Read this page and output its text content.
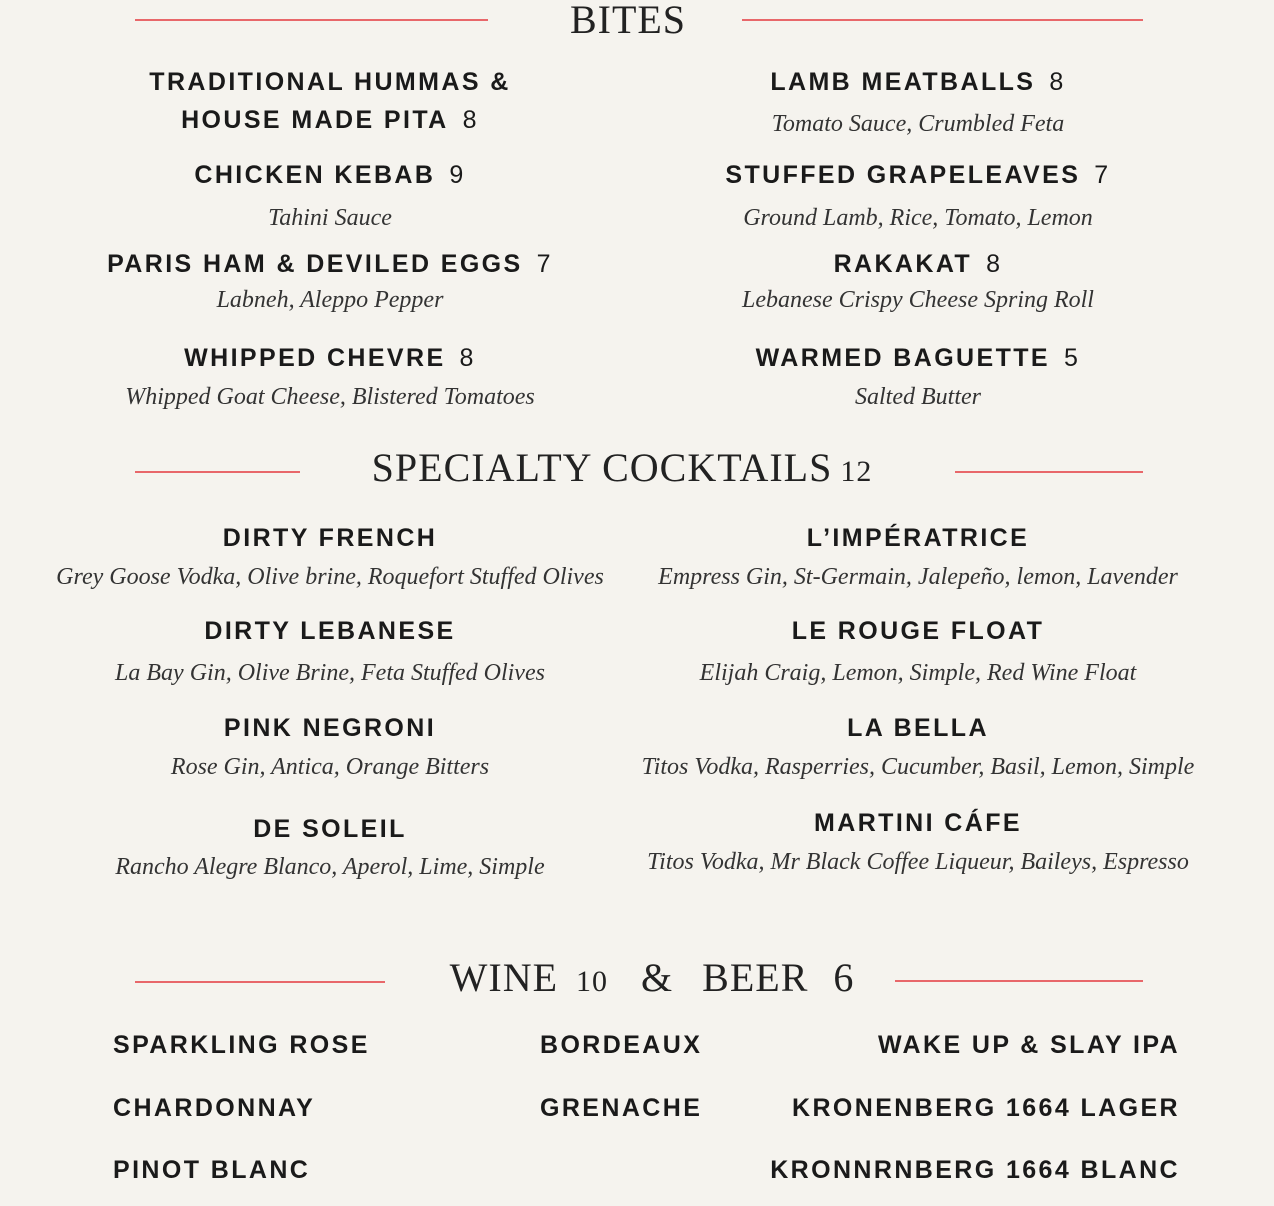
BITES
TRADITIONAL HUMMAS &
HOUSE MADE PITA 8
CHICKEN KEBAB 9
Tahini Sauce
PARIS HAM & DEVILED EGGS 7
Labneh, Aleppo Pepper
WHIPPED CHEVRE 8
Whipped Goat Cheese, Blistered Tomatoes
LAMB MEATBALLS 8
Tomato Sauce, Crumbled Feta
STUFFED GRAPELEAVES 7
Ground Lamb, Rice, Tomato, Lemon
RAKAKAT 8
Lebanese Crispy Cheese Spring Roll
WARMED BAGUETTE 5
Salted Butter
SPECIALTY COCKTAILS 12
DIRTY FRENCH
Grey Goose Vodka, Olive brine, Roquefort Stuffed Olives
DIRTY LEBANESE
La Bay Gin, Olive Brine, Feta Stuffed Olives
PINK NEGRONI
Rose Gin, Antica, Orange Bitters
DE SOLEIL
Rancho Alegre Blanco, Aperol, Lime, Simple
L’IMPÉRATRICE
Empress Gin, St-Germain, Jalepeño, lemon, Lavender
LE ROUGE FLOAT
Elijah Craig, Lemon, Simple, Red Wine Float
LA BELLA
Titos Vodka, Rasperries, Cucumber, Basil, Lemon, Simple
MARTINI CÁFE
Titos Vodka, Mr Black Coffee Liqueur, Baileys, Espresso
WINE 10 & BEER 6
SPARKLING ROSE
CHARDONNAY
PINOT BLANC
BORDEAUX
GRENACHE
WAKE UP & SLAY IPA
KRONENBERG 1664 LAGER
KRONNRNBERG 1664 BLANC
